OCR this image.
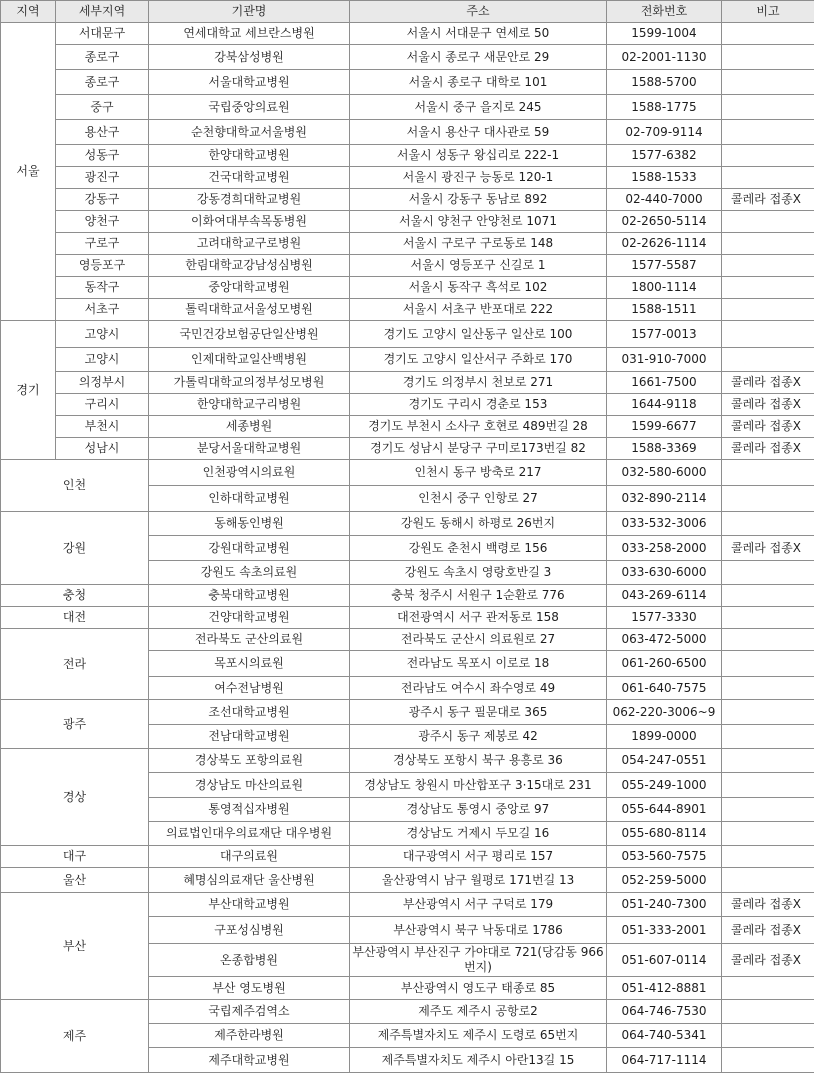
지역	세부지역	기관명	주소	전화번호	비고
서울	서대문구	연세대학교 세브란스병원	서울시 서대문구 연세로 50	1599-1004	
	종로구	강북삼성병원	서울시 종로구 새문안로 29	02-2001-1130	
	종로구	서울대학교병원	서울시 종로구 대학로 101	1588-5700	
	중구	국립중앙의료원	서울시 중구 을지로 245	1588-1775	
	용산구	순천향대학교서울병원	서울시 용산구 대사관로 59	02-709-9114	
	성동구	한양대학교병원	서울시 성동구 왕십리로 222-1	1577-6382	
	광진구	건국대학교병원	서울시 광진구 능동로 120-1	1588-1533	
	강동구	강동경희대학교병원	서울시 강동구 동남로 892	02-440-7000	콜레라 접종X
	양천구	이화여대부속목동병원	서울시 양천구 안양천로 1071	02-2650-5114	
	구로구	고려대학교구로병원	서울시 구로구 구로동로 148	02-2626-1114	
	영등포구	한림대학교강남성심병원	서울시 영등포구 신길로 1	1577-5587	
	동작구	중앙대학교병원	서울시 동작구 흑석로 102	1800-1114	
	서초구	톨릭대학교서울성모병원	서울시 서초구 반포대로 222	1588-1511	
경기	고양시	국민건강보험공단일산병원	경기도 고양시 일산동구 일산로 100	1577-0013	
	고양시	인제대학교일산백병원	경기도 고양시 일산서구 주화로 170	031-910-7000	
	의정부시	가톨릭대학교의정부성모병원	경기도 의정부시 천보로 271	1661-7500	콜레라 접종X
	구리시	한양대학교구리병원	경기도 구리시 경춘로 153	1644-9118	콜레라 접종X
	부천시	세종병원	경기도 부천시 소사구 호현로 489번길 28	1599-6677	콜레라 접종X
	성남시	분당서울대학교병원	경기도 성남시 분당구 구미로173번길 82	1588-3369	콜레라 접종X
인천		인천광역시의료원	인천시 동구 방축로 217	032-580-6000	
		인하대학교병원	인천시 중구 인항로 27	032-890-2114	
강원		동해동인병원	강원도 동해시 하평로 26번지	033-532-3006	
		강원대학교병원	강원도 춘천시 백령로 156	033-258-2000	콜레라 접종X
		강원도 속초의료원	강원도 속초시 영랑호반길 3	033-630-6000	
충청		충북대학교병원	충북 청주시 서원구 1순환로 776	043-269-6114	
대전		건양대학교병원	대전광역시 서구 관저동로 158	1577-3330	
전라		전라북도 군산의료원	전라북도 군산시 의료원로 27	063-472-5000	
		목포시의료원	전라남도 목포시 이로로 18	061-260-6500	
		여수전남병원	전라남도 여수시 좌수영로 49	061-640-7575	
광주		조선대학교병원	광주시 동구 필문대로 365	062-220-3006~9	
		전남대학교병원	광주시 동구 제봉로 42	1899-0000	
경상		경상북도 포항의료원	경상북도 포항시 북구 용흥로 36	054-247-0551	
		경상남도 마산의료원	경상남도 창원시 마산합포구 3·15대로 231	055-249-1000	
		통영적십자병원	경상남도 통영시 중앙로 97	055-644-8901	
		의료법인대우의료재단 대우병원	경상남도 거제시 두모길 16	055-680-8114	
대구		대구의료원	대구광역시 서구 평리로 157	053-560-7575	
울산		혜명심의료재단 울산병원	울산광역시 남구 월평로 171번길 13	052-259-5000	
부산		부산대학교병원	부산광역시 서구 구덕로 179	051-240-7300	콜레라 접종X
		구포성심병원	부산광역시 북구 낙동대로 1786	051-333-2001	콜레라 접종X
		온종합병원	부산광역시 부산진구 가야대로 721(당감동 966번지)	051-607-0114	콜레라 접종X
		부산 영도병원	부산광역시 영도구 태종로 85	051-412-8881	
제주		국립제주검역소	제주도 제주시 공항로2	064-746-7530	
		제주한라병원	제주특별자치도 제주시 도령로 65번지	064-740-5341	
		제주대학교병원	제주특별자치도 제주시 아란13길 15	064-717-1114	
